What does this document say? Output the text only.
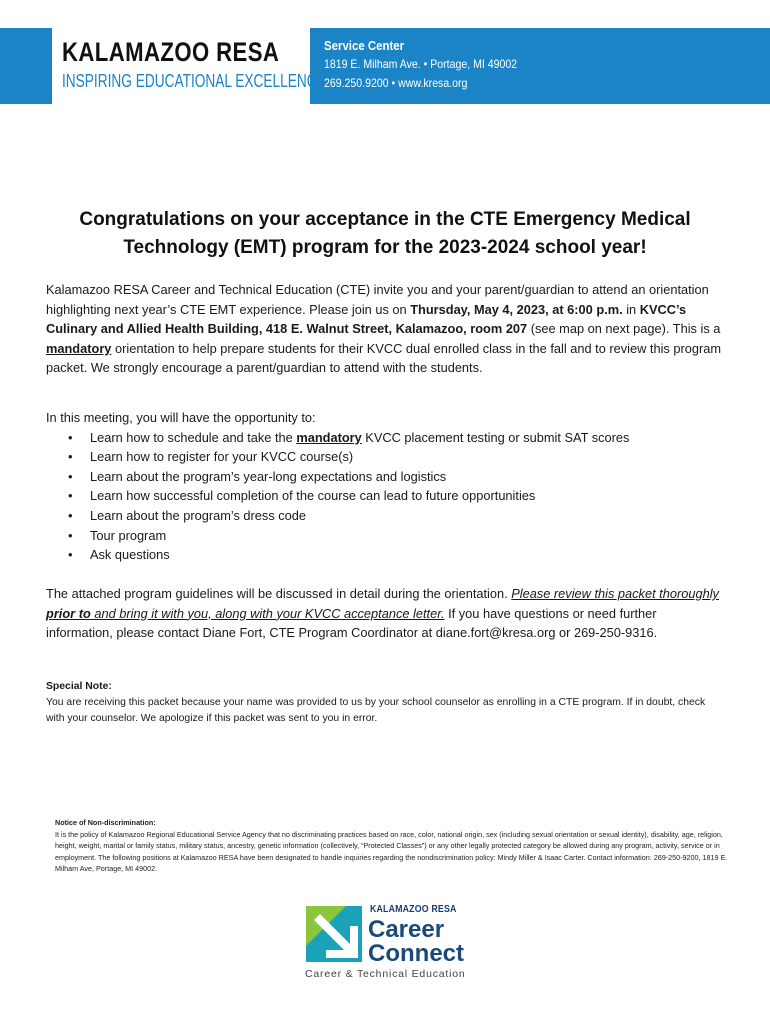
KALAMAZOO RESA
INSPIRING EDUCATIONAL EXCELLENCE
Service Center
1819 E. Milham Ave. • Portage, MI 49002
269.250.9200 • www.kresa.org
Congratulations on your acceptance in the CTE Emergency Medical Technology (EMT) program for the 2023-2024 school year!
Kalamazoo RESA Career and Technical Education (CTE) invite you and your parent/guardian to attend an orientation highlighting next year’s CTE EMT experience. Please join us on Thursday, May 4, 2023, at 6:00 p.m. in KVCC’s Culinary and Allied Health Building, 418 E. Walnut Street, Kalamazoo, room 207 (see map on next page). This is a mandatory orientation to help prepare students for their KVCC dual enrolled class in the fall and to review this program packet. We strongly encourage a parent/guardian to attend with the students.
In this meeting, you will have the opportunity to:
• Learn how to schedule and take the mandatory KVCC placement testing or submit SAT scores
• Learn how to register for your KVCC course(s)
• Learn about the program’s year-long expectations and logistics
• Learn how successful completion of the course can lead to future opportunities
• Learn about the program’s dress code
• Tour program
• Ask questions
The attached program guidelines will be discussed in detail during the orientation. Please review this packet thoroughly prior to and bring it with you, along with your KVCC acceptance letter. If you have questions or need further information, please contact Diane Fort, CTE Program Coordinator at diane.fort@kresa.org or 269-250-9316.
Special Note:
You are receiving this packet because your name was provided to us by your school counselor as enrolling in a CTE program. If in doubt, check with your counselor. We apologize if this packet was sent to you in error.
Notice of Non-discrimination:
It is the policy of Kalamazoo Regional Educational Service Agency that no discriminating practices based on race, color, national origin, sex (including sexual orientation or sexual identity), disability, age, religion, height, weight, marital or family status, military status, ancestry, genetic information (collectively, “Protected Classes”) or any other legally protected category be allowed during any program, activity, service or in employment. The following positions at Kalamazoo RESA have been designated to handle inquiries regarding the nondiscrimination policy: Mindy Miller & Isaac Carter. Contact information: 269-250-9200, 1819 E. Milham Ave, Portage, MI 49002.
KALAMAZOO RESA
Career
Connect
Career & Technical Education
